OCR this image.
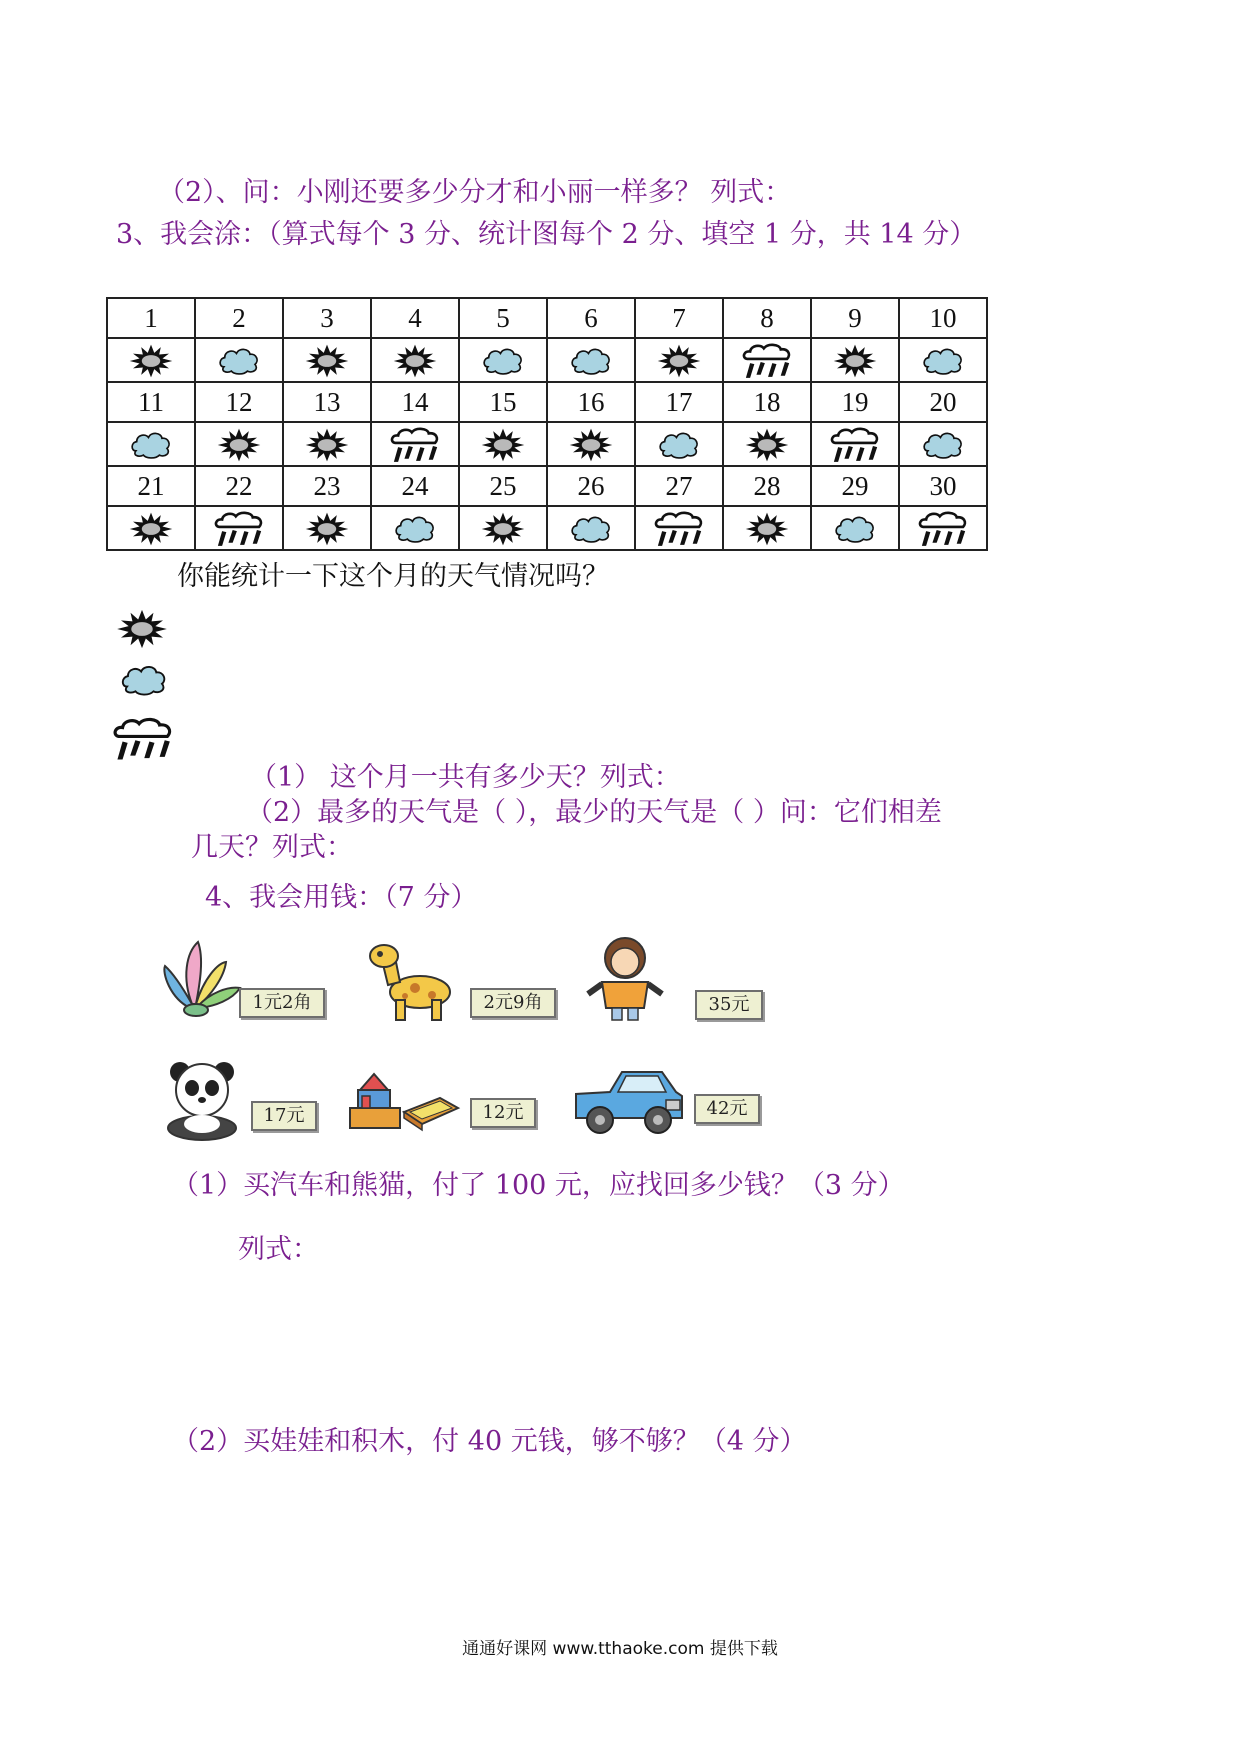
（2）、问：小刚还要多少分才和小丽一样多？ 列式：
3、我会涂：（算式每个 3 分、统计图每个 2 分、填空 1 分，共 14 分）
1	2	3	4	5	6	7	8	9	10

11	12	13	14	15	16	17	18	19	20

21	22	23	24	25	26	27	28	29	30

你能统计一下这个月的天气情况吗？
（1） 这个月一共有多少天？列式：
（2）最多的天气是（ ），最少的天气是（ ）问：它们相差
几天？列式：
4、我会用钱：（7 分）
1元2角	2元9角	35元
17元	12元	42元
（1）买汽车和熊猫，付了 100 元，应找回多少钱？（3 分）
列式：
（2）买娃娃和积木，付 40 元钱，够不够？（4 分）
通通好课网 www.tthaoke.com 提供下载
